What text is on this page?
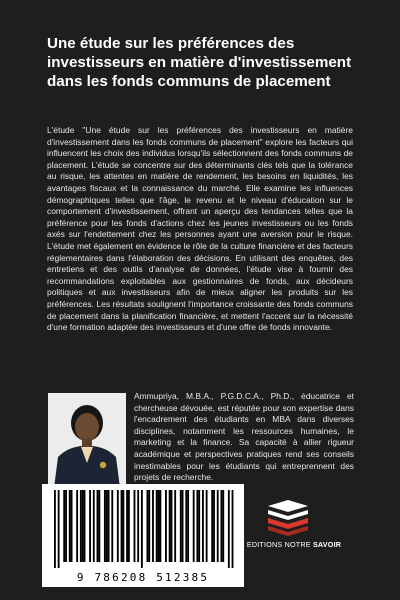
Une étude sur les préférences des investisseurs en matière d'investissement dans les fonds communs de placement

L'étude "Une étude sur les préférences des investisseurs en matière d'investissement dans les fonds communs de placement" explore les facteurs qui influencent les choix des individus lorsqu'ils sélectionnent des fonds communs de placement. L'étude se concentre sur des déterminants clés tels que la tolérance au risque, les attentes en matière de rendement, les besoins en liquidités, les avantages fiscaux et la connaissance du marché. Elle examine les influences démographiques telles que l'âge, le revenu et le niveau d'éducation sur le comportement d'investissement, offrant un aperçu des tendances telles que la préférence pour les fonds d'actions chez les jeunes investisseurs ou les fonds axés sur l'endettement chez les personnes ayant une aversion pour le risque. L'étude met également en évidence le rôle de la culture financière et des facteurs réglementaires dans l'élaboration des décisions. En utilisant des enquêtes, des entretiens et des outils d'analyse de données, l'étude vise à fournir des recommandations exploitables aux gestionnaires de fonds, aux décideurs politiques et aux investisseurs afin de mieux aligner les produits sur les préférences. Les résultats soulignent l'importance croissante des fonds communs de placement dans la planification financière, et mettent l'accent sur la nécessité d'une formation adaptée des investisseurs et d'une offre de fonds innovante.

Ammupriya, M.B.A., P.G.D.C.A., Ph.D., éducatrice et chercheuse dévouée, est réputée pour son expertise dans l'encadrement des étudiants en MBA dans diverses disciplines, notamment les ressources humaines, le marketing et la finance. Sa capacité à allier rigueur académique et perspectives pratiques rend ses conseils inestimables pour les étudiants qui entreprennent des projets de recherche.

9 786208 512385
EDITIONS NOTRE SAVOIR
